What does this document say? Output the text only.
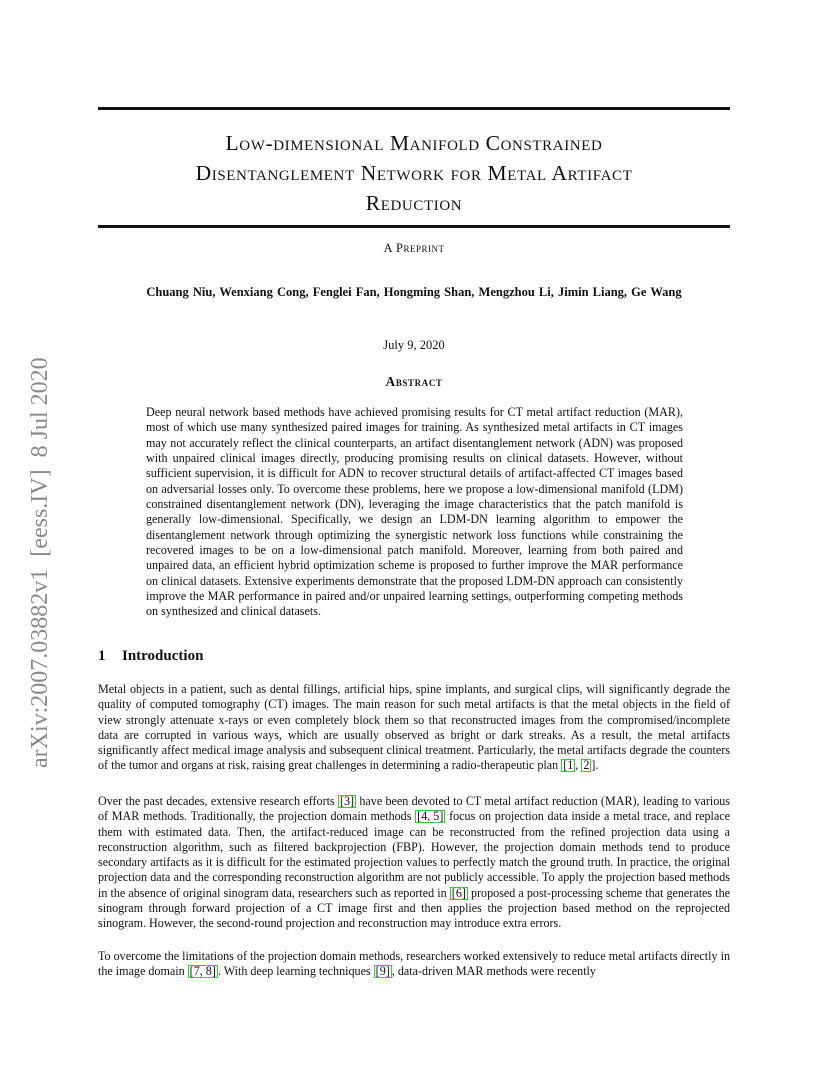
arXiv:2007.03882v1  [eess.IV]  8 Jul 2020
Low-dimensional Manifold Constrained
Disentanglement Network for Metal Artifact
Reduction
A Preprint
Chuang Niu, Wenxiang Cong, Fenglei Fan, Hongming Shan, Mengzhou Li, Jimin Liang, Ge Wang
July 9, 2020
Abstract
Deep neural network based methods have achieved promising results for CT metal artifact reduction (MAR), most of which use many synthesized paired images for training. As synthesized metal artifacts in CT images may not accurately reflect the clinical counterparts, an artifact disentanglement network (ADN) was proposed with unpaired clinical images directly, producing promising results on clinical datasets. However, without sufficient supervision, it is difficult for ADN to recover structural details of artifact-affected CT images based on adversarial losses only. To overcome these problems, here we propose a low-dimensional manifold (LDM) constrained disentanglement network (DN), leveraging the image characteristics that the patch manifold is generally low-dimensional. Specifically, we design an LDM-DN learning algorithm to empower the disentanglement network through optimizing the synergistic network loss functions while constraining the recovered images to be on a low-dimensional patch manifold. Moreover, learning from both paired and unpaired data, an efficient hybrid optimization scheme is proposed to further improve the MAR performance on clinical datasets. Extensive experiments demonstrate that the proposed LDM-DN approach can consistently improve the MAR performance in paired and/or unpaired learning settings, outperforming competing methods on synthesized and clinical datasets.
1 Introduction

Metal objects in a patient, such as dental fillings, artificial hips, spine implants, and surgical clips, will significantly degrade the quality of computed tomography (CT) images. The main reason for such metal artifacts is that the metal objects in the field of view strongly attenuate x-rays or even completely block them so that reconstructed images from the compromised/incomplete data are corrupted in various ways, which are usually observed as bright or dark streaks. As a result, the metal artifacts significantly affect medical image analysis and subsequent clinical treatment. Particularly, the metal artifacts degrade the counters of the tumor and organs at risk, raising great challenges in determining a radio-therapeutic plan [1 , 2 ].

Over the past decades, extensive research efforts [3] have been devoted to CT metal artifact reduction (MAR), leading to various of MAR methods. Traditionally, the projection domain methods [4, 5] focus on projection data inside a metal trace, and replace them with estimated data. Then, the artifact-reduced image can be reconstructed from the refined projection data using a reconstruction algorithm, such as filtered backprojection (FBP). However, the projection domain methods tend to produce secondary artifacts as it is difficult for the estimated projection values to perfectly match the ground truth. In practice, the original projection data and the corresponding reconstruction algorithm are not publicly accessible. To apply the projection based methods in the absence of original sinogram data, researchers such as reported in [6] proposed a post-processing scheme that generates the sinogram through forward projection of a CT image first and then applies the projection based method on the reprojected sinogram. However, the second-round projection and reconstruction may introduce extra errors.

To overcome the limitations of the projection domain methods, researchers worked extensively to reduce metal artifacts directly in the image domain [7, 8] . With deep learning techniques [9] , data-driven MAR methods were recently
